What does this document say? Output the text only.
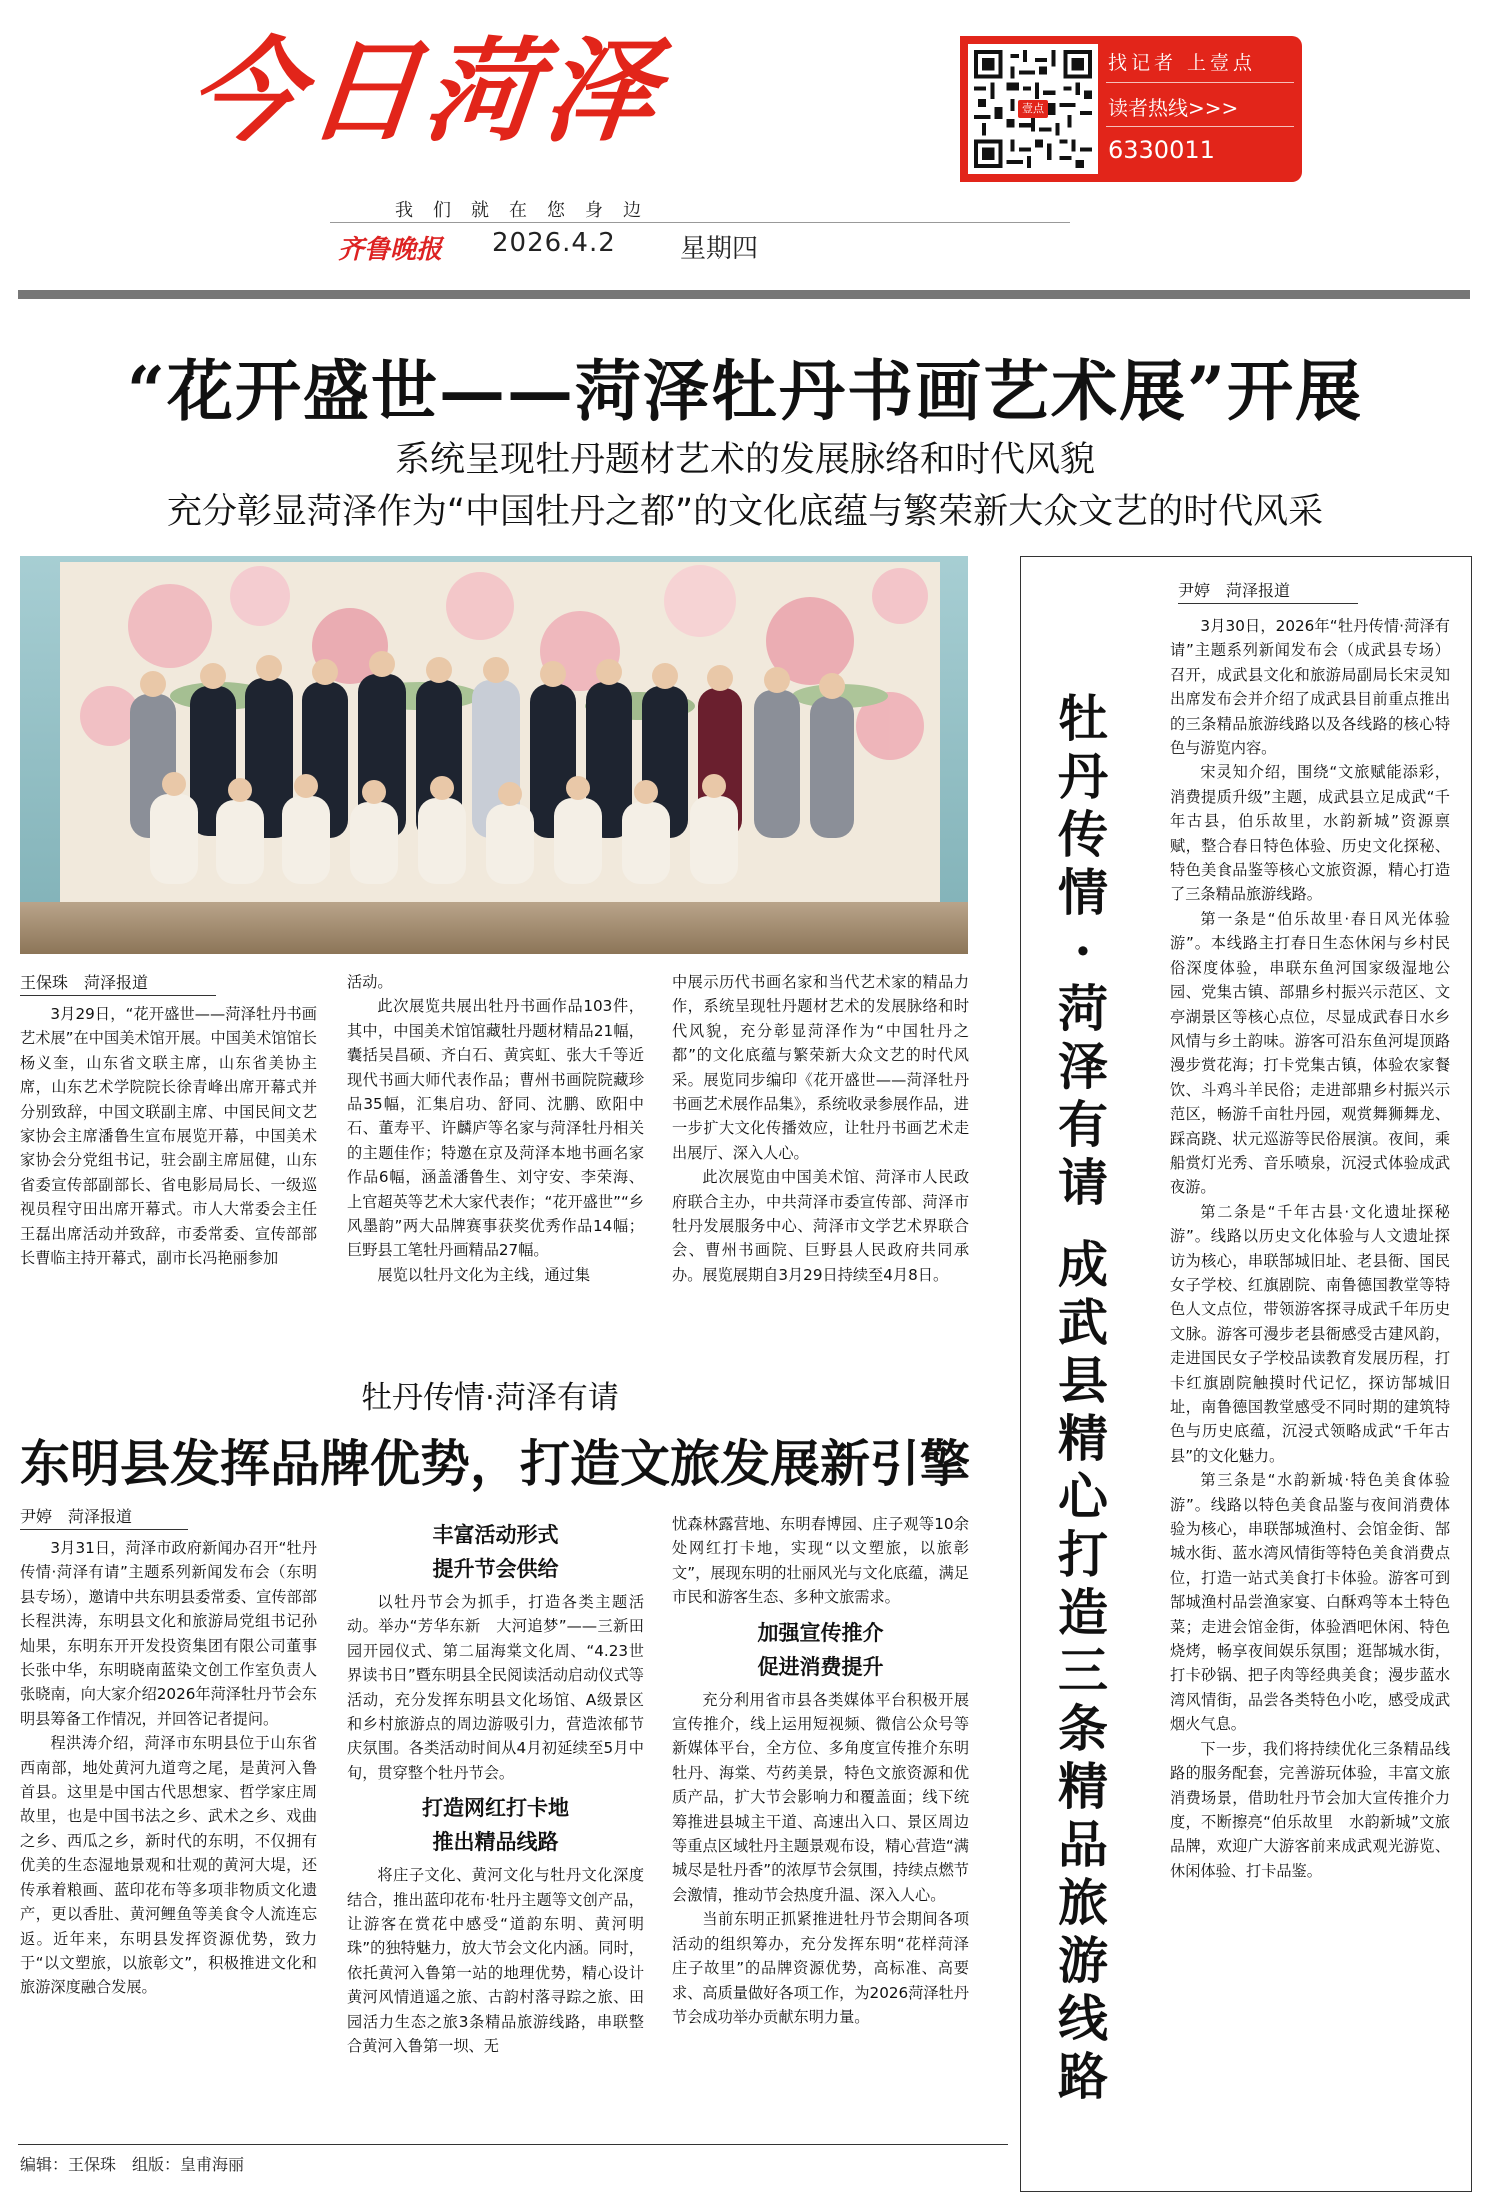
今日菏泽
我们就在您身边
齐鲁晚报 2026.4.2 星期四
壹点
找记者 上壹点
读者热线>>>
6330011
“花开盛世——菏泽牡丹书画艺术展”开展
系统呈现牡丹题材艺术的发展脉络和时代风貌
充分彰显菏泽作为“中国牡丹之都”的文化底蕴与繁荣新大众文艺的时代风采
王保珠　菏泽报道

3月29日，“花开盛世——菏泽牡丹书画艺术展”在中国美术馆开展。中国美术馆馆长杨义奎，山东省文联主席，山东省美协主席，山东艺术学院院长徐青峰出席开幕式并分别致辞，中国文联副主席、中国民间文艺家协会主席潘鲁生宣布展览开幕，中国美术家协会分党组书记，驻会副主席屈健，山东省委宣传部副部长、省电影局局长、一级巡视员程守田出席开幕式。市人大常委会主任王磊出席活动并致辞，市委常委、宣传部部长曹临主持开幕式，副市长冯艳丽参加

活动。

此次展览共展出牡丹书画作品103件，其中，中国美术馆馆藏牡丹题材精品21幅，囊括吴昌硕、齐白石、黄宾虹、张大千等近现代书画大师代表作品；曹州书画院院藏珍品35幅，汇集启功、舒同、沈鹏、欧阳中石、董寿平、许麟庐等名家与菏泽牡丹相关的主题佳作；特邀在京及菏泽本地书画名家作品6幅，涵盖潘鲁生、刘守安、李荣海、上官超英等艺术大家代表作；“花开盛世”“乡风墨韵”两大品牌赛事获奖优秀作品14幅；巨野县工笔牡丹画精品27幅。

展览以牡丹文化为主线，通过集

中展示历代书画名家和当代艺术家的精品力作，系统呈现牡丹题材艺术的发展脉络和时代风貌，充分彰显菏泽作为“中国牡丹之都”的文化底蕴与繁荣新大众文艺的时代风采。展览同步编印《花开盛世——菏泽牡丹书画艺术展作品集》，系统收录参展作品，进一步扩大文化传播效应，让牡丹书画艺术走出展厅、深入人心。

此次展览由中国美术馆、菏泽市人民政府联合主办，中共菏泽市委宣传部、菏泽市牡丹发展服务中心、菏泽市文学艺术界联合会、曹州书画院、巨野县人民政府共同承办。展览展期自3月29日持续至4月8日。

牡
丹
传
情
·
菏
泽
有
请

成
武
县
精
心
打
造
三
条
精
品
旅
游
线
路
尹婷　菏泽报道

3月30日，2026年“牡丹传情·菏泽有请”主题系列新闻发布会（成武县专场）召开，成武县文化和旅游局副局长宋灵知出席发布会并介绍了成武县目前重点推出的三条精品旅游线路以及各线路的核心特色与游览内容。

宋灵知介绍，围绕“文旅赋能添彩，消费提质升级”主题，成武县立足成武“千年古县，伯乐故里，水韵新城”资源禀赋，整合春日特色体验、历史文化探秘、特色美食品鉴等核心文旅资源，精心打造了三条精品旅游线路。

第一条是“伯乐故里·春日风光体验游”。本线路主打春日生态休闲与乡村民俗深度体验，串联东鱼河国家级湿地公园、党集古镇、部鼎乡村振兴示范区、文亭湖景区等核心点位，尽显成武春日水乡风情与乡土韵味。游客可沿东鱼河堤顶路漫步赏花海；打卡党集古镇，体验农家餐饮、斗鸡斗羊民俗；走进部鼎乡村振兴示范区，畅游千亩牡丹园，观赏舞狮舞龙、踩高跷、状元巡游等民俗展演。夜间，乘船赏灯光秀、音乐喷泉，沉浸式体验成武夜游。

第二条是“千年古县·文化遗址探秘游”。线路以历史文化体验与人文遗址探访为核心，串联郜城旧址、老县衙、国民女子学校、红旗剧院、南鲁德国教堂等特色人文点位，带领游客探寻成武千年历史文脉。游客可漫步老县衙感受古建风韵，走进国民女子学校品读教育发展历程，打卡红旗剧院触摸时代记忆，探访郜城旧址，南鲁德国教堂感受不同时期的建筑特色与历史底蕴，沉浸式领略成武“千年古县”的文化魅力。

第三条是“水韵新城·特色美食体验游”。线路以特色美食品鉴与夜间消费体验为核心，串联郜城渔村、会馆金街、郜城水街、蓝水湾风情街等特色美食消费点位，打造一站式美食打卡体验。游客可到郜城渔村品尝渔家宴、白酥鸡等本土特色菜；走进会馆金街，体验酒吧休闲、特色烧烤，畅享夜间娱乐氛围；逛郜城水街，打卡砂锅、把子肉等经典美食；漫步蓝水湾风情街，品尝各类特色小吃，感受成武烟火气息。

下一步，我们将持续优化三条精品线路的服务配套，完善游玩体验，丰富文旅消费场景，借助牡丹节会加大宣传推介力度，不断擦亮“伯乐故里　水韵新城”文旅品牌，欢迎广大游客前来成武观光游览、休闲体验、打卡品鉴。

牡丹传情·菏泽有请
东明县发挥品牌优势，打造文旅发展新引擎
尹婷　菏泽报道

3月31日，菏泽市政府新闻办召开“牡丹传情·菏泽有请”主题系列新闻发布会（东明县专场），邀请中共东明县委常委、宣传部部长程洪涛，东明县文化和旅游局党组书记孙灿果，东明东开开发投资集团有限公司董事长张中华，东明晓南蓝染文创工作室负责人张晓南，向大家介绍2026年菏泽牡丹节会东明县筹备工作情况，并回答记者提问。

程洪涛介绍，菏泽市东明县位于山东省西南部，地处黄河九道弯之尾，是黄河入鲁首县。这里是中国古代思想家、哲学家庄周故里，也是中国书法之乡、武术之乡、戏曲之乡、西瓜之乡，新时代的东明，不仅拥有优美的生态湿地景观和壮观的黄河大堤，还传承着粮画、蓝印花布等多项非物质文化遗产，更以香肚、黄河鲤鱼等美食令人流连忘返。近年来，东明县发挥资源优势，致力于“以文塑旅，以旅彰文”，积极推进文化和旅游深度融合发展。

丰富活动形式
提升节会供给

以牡丹节会为抓手，打造各类主题活动。举办“芳华东新　大河追梦”——三新田园开园仪式、第二届海棠文化周、“4.23世界读书日”暨东明县全民阅读活动启动仪式等活动，充分发挥东明县文化场馆、A级景区和乡村旅游点的周边游吸引力，营造浓郁节庆氛围。各类活动时间从4月初延续至5月中旬，贯穿整个牡丹节会。

打造网红打卡地
推出精品线路

将庄子文化、黄河文化与牡丹文化深度结合，推出蓝印花布·牡丹主题等文创产品，让游客在赏花中感受“道韵东明、黄河明珠”的独特魅力，放大节会文化内涵。同时，依托黄河入鲁第一站的地理优势，精心设计黄河风情逍遥之旅、古韵村落寻踪之旅、田园活力生态之旅3条精品旅游线路，串联整合黄河入鲁第一坝、无

忧森林露营地、东明春博园、庄子观等10余处网红打卡地，实现“以文塑旅，以旅彰文”，展现东明的壮丽风光与文化底蕴，满足市民和游客生态、多种文旅需求。

加强宣传推介
促进消费提升

充分利用省市县各类媒体平台积极开展宣传推介，线上运用短视频、微信公众号等新媒体平台，全方位、多角度宣传推介东明牡丹、海棠、芍药美景，特色文旅资源和优质产品，扩大节会影响力和覆盖面；线下统筹推进县城主干道、高速出入口、景区周边等重点区域牡丹主题景观布设，精心营造“满城尽是牡丹香”的浓厚节会氛围，持续点燃节会激情，推动节会热度升温、深入人心。

当前东明正抓紧推进牡丹节会期间各项活动的组织筹办，充分发挥东明“花样菏泽　庄子故里”的品牌资源优势，高标准、高要求、高质量做好各项工作，为2026菏泽牡丹节会成功举办贡献东明力量。

编辑：王保珠　组版：皇甫海丽
